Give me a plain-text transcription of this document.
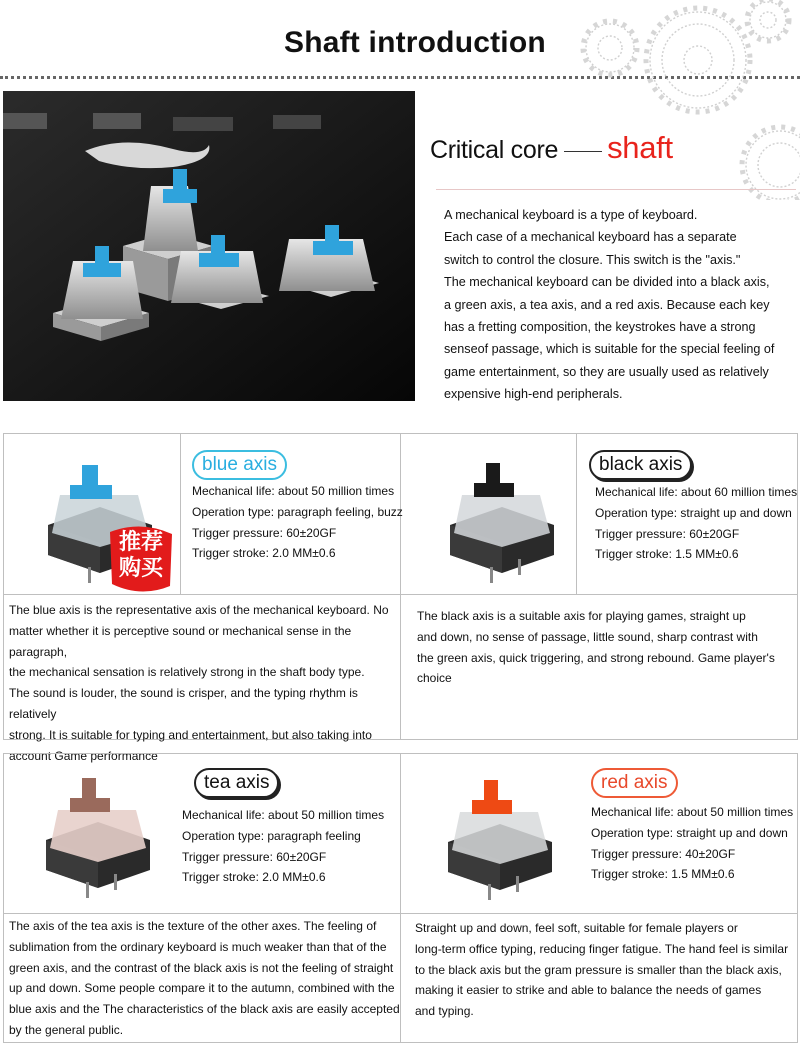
Shaft introduction
Critical core shaft

A mechanical keyboard is a type of keyboard.

Each case of a mechanical keyboard has a separate

switch to control the closure. This switch is the "axis."

The mechanical keyboard can be divided into a black axis,

a green axis, a tea axis, and a red axis. Because each key

has a fretting composition, the keystrokes have a strong

senseof passage, which is suitable for the special feeling of

game entertainment, so they are usually used as relatively

expensive high-end peripherals.

推荐
购买
blue axis
Mechanical life: about 50 million times
Operation type: paragraph feeling, buzz
Trigger pressure: 60±20GF
Trigger stroke: 2.0 MM±0.6

The blue axis is the representative axis of the mechanical keyboard. No

matter whether it is perceptive sound or mechanical sense in the paragraph,

the mechanical sensation is relatively strong in the shaft body type.

The sound is louder, the sound is crisper, and the typing rhythm is relatively

strong. It is suitable for typing and entertainment, but also taking into

account Game performance

black axis
Mechanical life: about 60 million times
Operation type: straight up and down
Trigger pressure: 60±20GF
Trigger stroke: 1.5 MM±0.6

The black axis is a suitable axis for playing games, straight up

and down, no sense of passage, little sound, sharp contrast with

the green axis, quick triggering, and strong rebound. Game player's

choice

tea axis
Mechanical life: about 50 million times
Operation type: paragraph feeling
Trigger pressure: 60±20GF
Trigger stroke: 2.0 MM±0.6

The axis of the tea axis is the texture of the other axes. The feeling of

sublimation from the ordinary keyboard is much weaker than that of the

green axis, and the contrast of the black axis is not the feeling of straight

up and down. Some people compare it to the autumn, combined with the

blue axis and the The characteristics of the black axis are easily accepted

by the general public.

red axis
Mechanical life: about 50 million times
Operation type: straight up and down
Trigger pressure: 40±20GF
Trigger stroke: 1.5 MM±0.6

Straight up and down, feel soft, suitable for female players or

long-term office typing, reducing finger fatigue. The hand feel is similar

to the black axis but the gram pressure is smaller than the black axis,

making it easier to strike and able to balance the needs of games

and typing.
